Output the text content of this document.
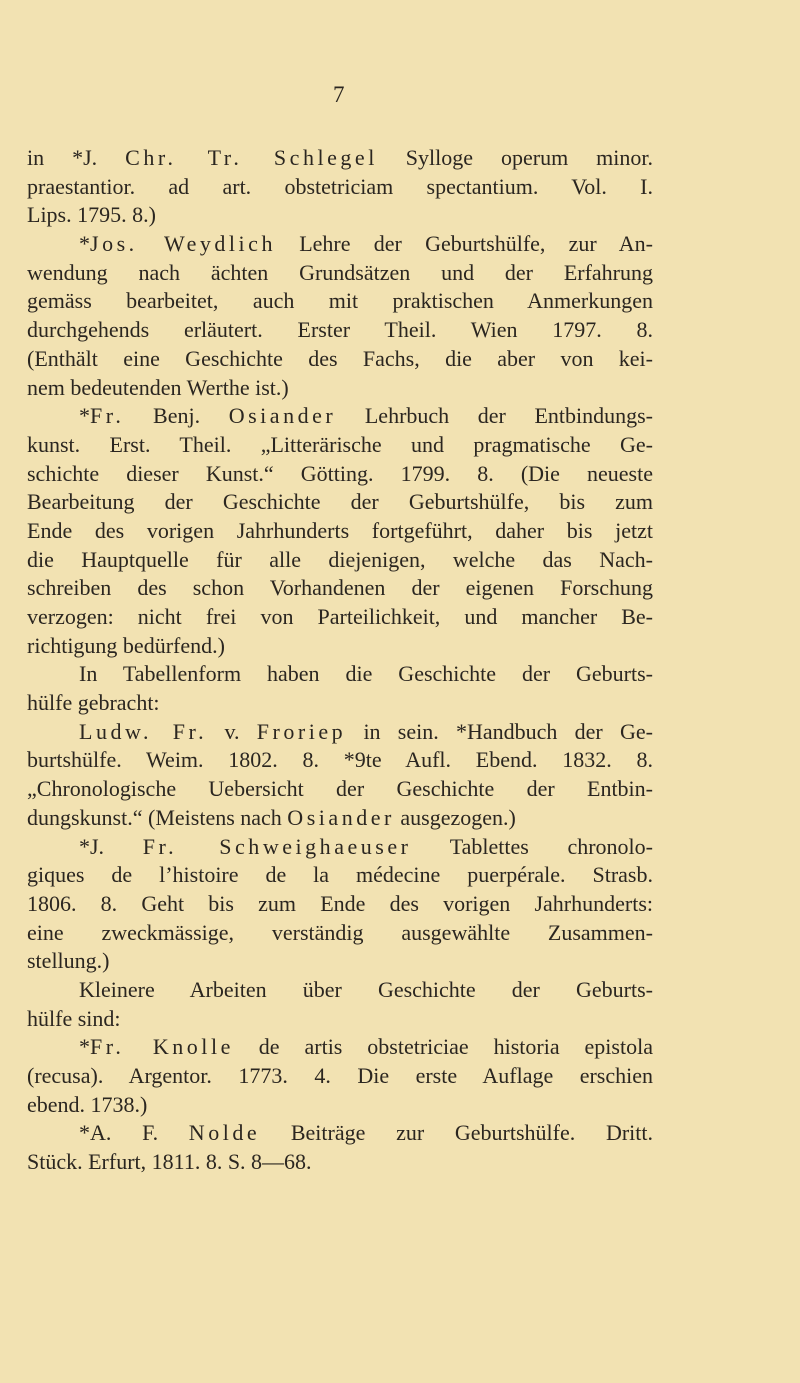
7
in *J. Chr. Tr. Schlegel Sylloge operum minor.
praestantior. ad art. obstetriciam spectantium. Vol. I.
Lips. 1795. 8.)
*Jos. Weydlich Lehre der Geburtshülfe, zur An-
wendung nach ächten Grundsätzen und der Erfahrung
gemäss bearbeitet, auch mit praktischen Anmerkungen
durchgehends erläutert. Erster Theil. Wien 1797. 8.
(Enthält eine Geschichte des Fachs, die aber von kei-
nem bedeutenden Werthe ist.)
*Fr. Benj. Osiander Lehrbuch der Entbindungs-
kunst. Erst. Theil. „Litterärische und pragmatische Ge-
schichte dieser Kunst.“ Götting. 1799. 8. (Die neueste
Bearbeitung der Geschichte der Geburtshülfe, bis zum
Ende des vorigen Jahrhunderts fortgeführt, daher bis jetzt
die Hauptquelle für alle diejenigen, welche das Nach-
schreiben des schon Vorhandenen der eigenen Forschung
verzogen: nicht frei von Parteilichkeit, und mancher Be-
richtigung bedürfend.)
In Tabellenform haben die Geschichte der Geburts-
hülfe gebracht:
Ludw. Fr. v. Froriep in sein. *Handbuch der Ge-
burtshülfe. Weim. 1802. 8. *9te Aufl. Ebend. 1832. 8.
„Chronologische Uebersicht der Geschichte der Entbin-
dungskunst.“ (Meistens nach Osiander ausgezogen.)
*J. Fr. Schweighaeuser Tablettes chronolo-
giques de l’histoire de la médecine puerpérale. Strasb.
1806. 8. Geht bis zum Ende des vorigen Jahrhunderts:
eine zweckmässige, verständig ausgewählte Zusammen-
stellung.)
Kleinere Arbeiten über Geschichte der Geburts-
hülfe sind:
*Fr. Knolle de artis obstetriciae historia epistola
(recusa). Argentor. 1773. 4. Die erste Auflage erschien
ebend. 1738.)
*A. F. Nolde Beiträge zur Geburtshülfe. Dritt.
Stück. Erfurt, 1811. 8. S. 8—68.
